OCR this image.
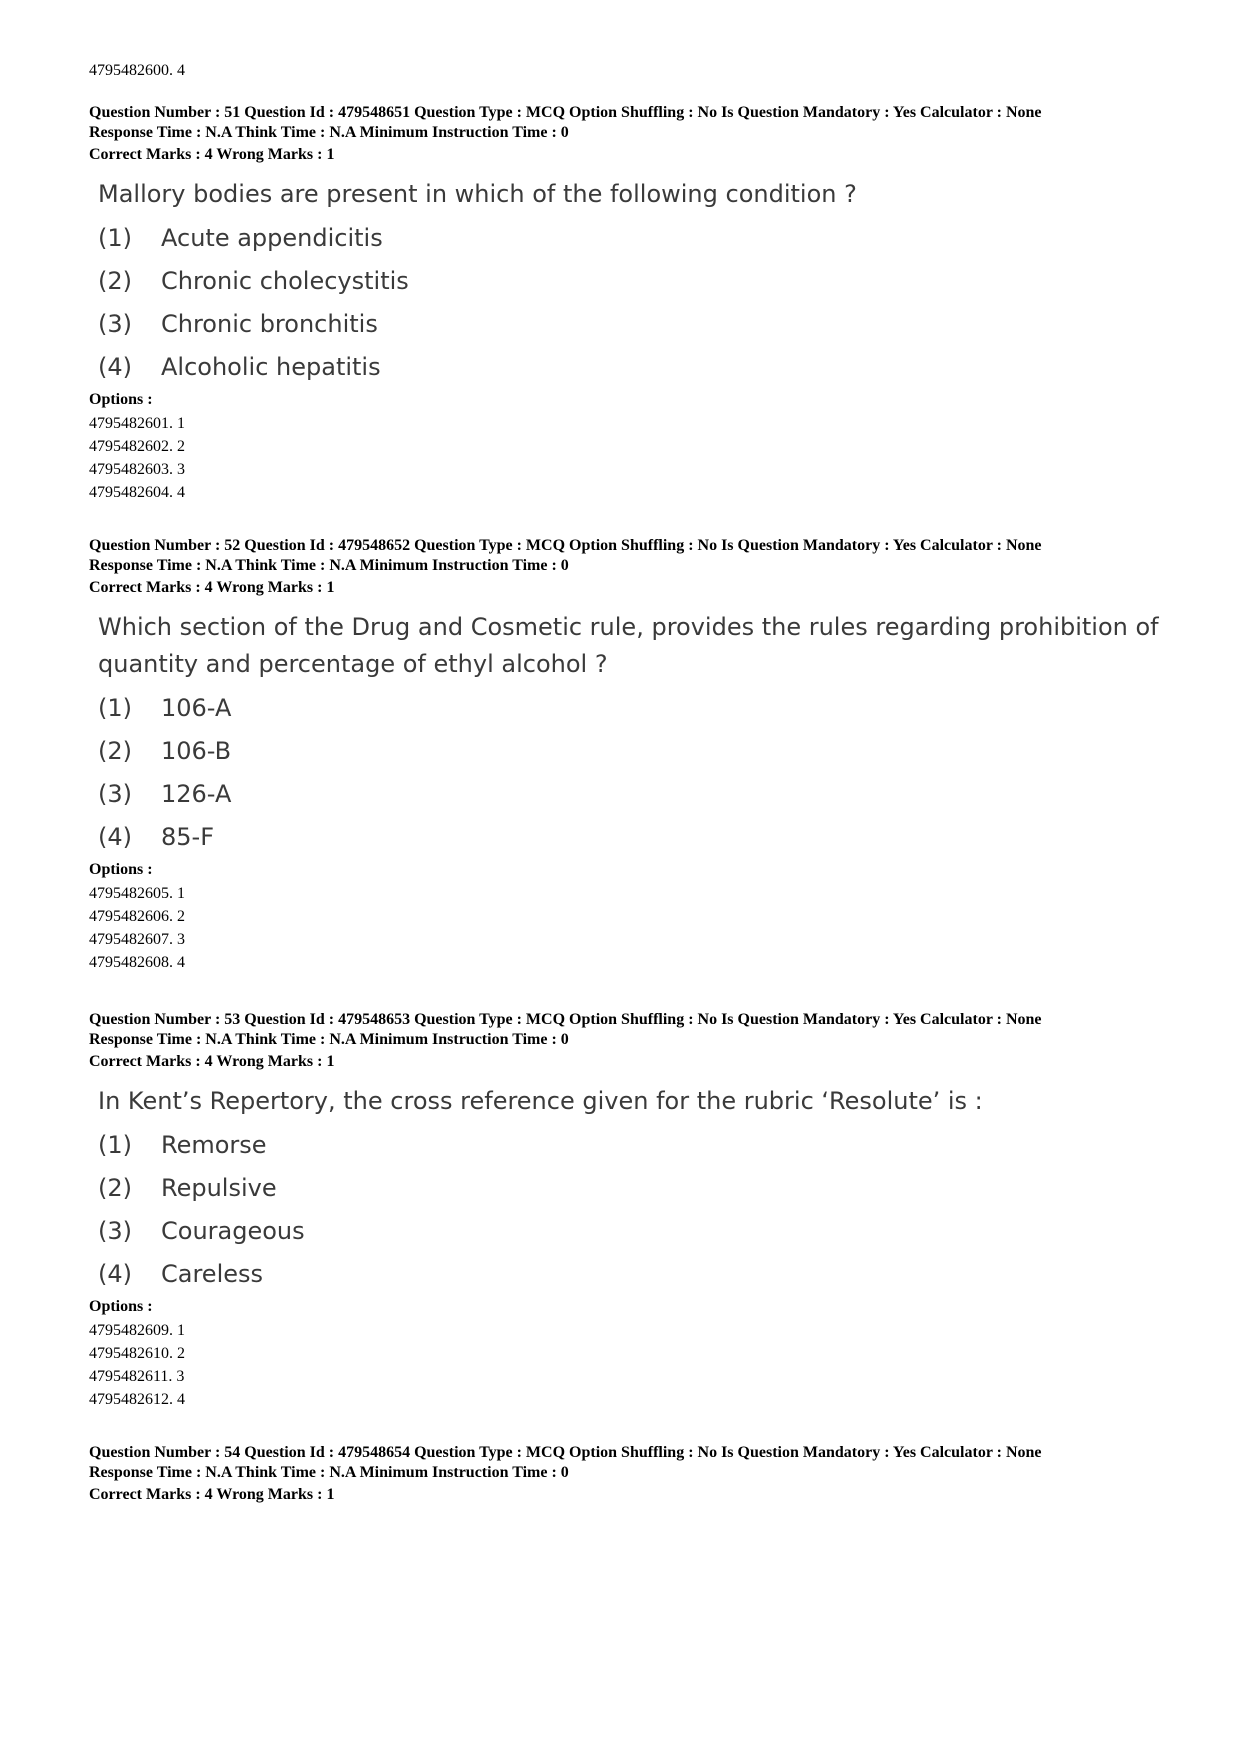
4795482600. 4
Question Number : 51 Question Id : 479548651 Question Type : MCQ Option Shuffling : No Is Question Mandatory : Yes Calculator : None
Response Time : N.A Think Time : N.A Minimum Instruction Time : 0
Correct Marks : 4 Wrong Marks : 1
Mallory bodies are present in which of the following condition ?
(1)	Acute appendicitis
(2)	Chronic cholecystitis
(3)	Chronic bronchitis
(4)	Alcoholic hepatitis
Options :
4795482601. 1
4795482602. 2
4795482603. 3
4795482604. 4
Question Number : 52 Question Id : 479548652 Question Type : MCQ Option Shuffling : No Is Question Mandatory : Yes Calculator : None
Response Time : N.A Think Time : N.A Minimum Instruction Time : 0
Correct Marks : 4 Wrong Marks : 1
Which section of the Drug and Cosmetic rule, provides the rules regarding prohibition of quantity and percentage of ethyl alcohol ?
(1)	106-A
(2)	106-B
(3)	126-A
(4)	85-F
Options :
4795482605. 1
4795482606. 2
4795482607. 3
4795482608. 4
Question Number : 53 Question Id : 479548653 Question Type : MCQ Option Shuffling : No Is Question Mandatory : Yes Calculator : None
Response Time : N.A Think Time : N.A Minimum Instruction Time : 0
Correct Marks : 4 Wrong Marks : 1
In Kent’s Repertory, the cross reference given for the rubric ‘Resolute’ is :
(1)	Remorse
(2)	Repulsive
(3)	Courageous
(4)	Careless
Options :
4795482609. 1
4795482610. 2
4795482611. 3
4795482612. 4
Question Number : 54 Question Id : 479548654 Question Type : MCQ Option Shuffling : No Is Question Mandatory : Yes Calculator : None
Response Time : N.A Think Time : N.A Minimum Instruction Time : 0
Correct Marks : 4 Wrong Marks : 1
